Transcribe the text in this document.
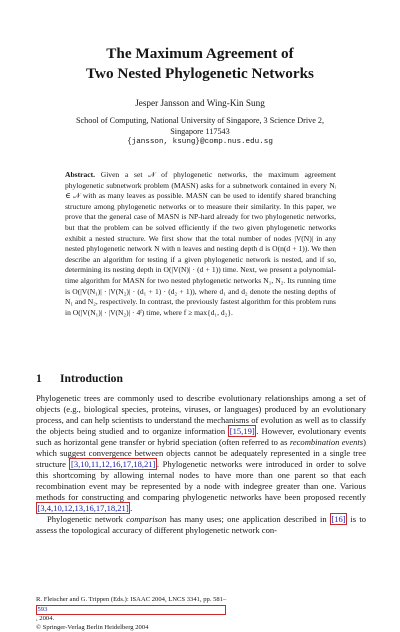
The Maximum Agreement of
Two Nested Phylogenetic Networks
Jesper Jansson and Wing-Kin Sung
School of Computing, National University of Singapore, 3 Science Drive 2,
Singapore 117543
{jansson, ksung}@comp.nus.edu.sg

Abstract. Given a set 𝒩 of phylogenetic networks, the maximum agreement phylogenetic subnetwork problem (MASN) asks for a subnetwork contained in every Nᵢ ∈ 𝒩 with as many leaves as possible. MASN can be used to identify shared branching structure among phylogenetic networks or to measure their similarity. In this paper, we prove that the general case of MASN is NP-hard already for two phylogenetic networks, but that the problem can be solved efficiently if the two given phylogenetic networks exhibit a nested structure. We first show that the total number of nodes |V(N)| in any nested phylogenetic network N with n leaves and nesting depth d is O(n(d + 1)). We then describe an algorithm for testing if a given phylogenetic network is nested, and if so, determining its nesting depth in O(|V(N)| · (d + 1)) time. Next, we present a polynomial-time algorithm for MASN for two nested phylogenetic networks N₁, N₂. Its running time is O(|V(N₁)| · |V(N₂)| · (d₁ + 1) · (d₂ + 1)), where d₁ and d₂ denote the nesting depths of N₁ and N₂, respectively. In contrast, the previously fastest algorithm for this problem runs in O(|V(N₁)| · |V(N₂)| · 4ᶠ) time, where f ≥ max{d₁, d₂}.

1 Introduction

Phylogenetic trees are commonly used to describe evolutionary relationships among a set of objects (e.g., biological species, proteins, viruses, or languages) produced by an evolutionary process, and can help scientists to understand the mechanisms of evolution as well as to classify the objects being studied and to organize information [15,19] . However, evolutionary events such as horizontal gene transfer or hybrid speciation (often referred to as recombination events) which suggest convergence between objects cannot be adequately represented in a single tree structure [3,10,11,12,16,17,18,21] . Phylogenetic networks were introduced in order to solve this shortcoming by allowing internal nodes to have more than one parent so that each recombination event may be represented by a node with indegree greater than one. Various methods for constructing and comparing phylogenetic networks have been proposed recently [3,4,10,12,13,16,17,18,21] .

Phylogenetic network comparison has many uses; one application described in [16] is to assess the topological accuracy of different phylogenetic network con-

R. Fleischer and G. Trippen (Eds.): ISAAC 2004, LNCS 3341, pp. 581–
593
, 2004.
© Springer-Verlag Berlin Heidelberg 2004
